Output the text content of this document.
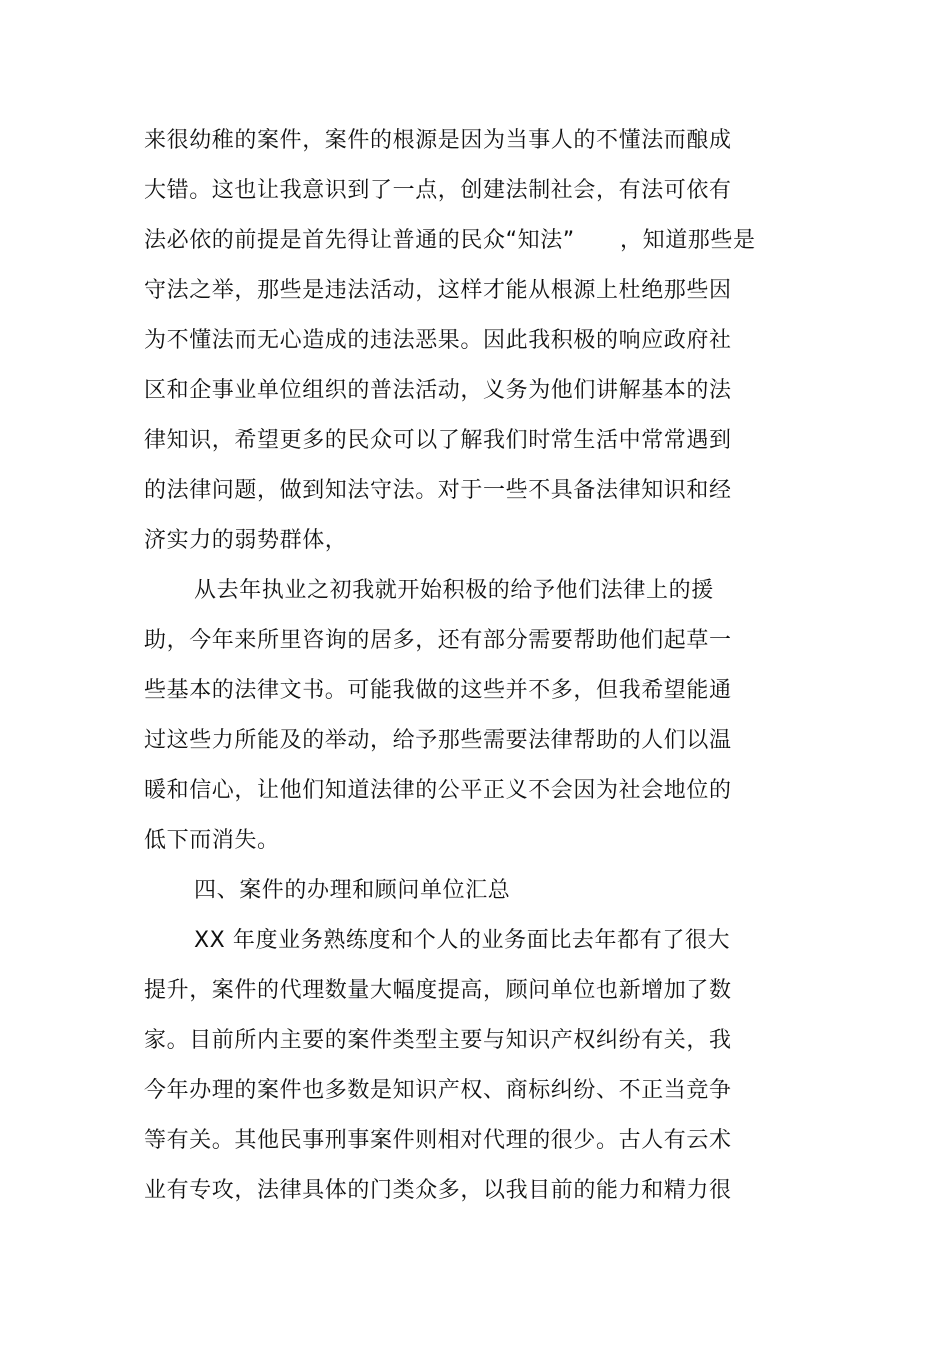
来很幼稚的案件，案件的根源是因为当事人的不懂法而酿成
大错。这也让我意识到了一点，创建法制社会，有法可依有
法必依的前提是首先得让普通的民众“知法”　　，知道那些是
守法之举，那些是违法活动，这样才能从根源上杜绝那些因
为不懂法而无心造成的违法恶果。因此我积极的响应政府社
区和企事业单位组织的普法活动，义务为他们讲解基本的法
律知识，希望更多的民众可以了解我们时常生活中常常遇到
的法律问题，做到知法守法。对于一些不具备法律知识和经
济实力的弱势群体，
从去年执业之初我就开始积极的给予他们法律上的援
助，今年来所里咨询的居多，还有部分需要帮助他们起草一
些基本的法律文书。可能我做的这些并不多，但我希望能通
过这些力所能及的举动，给予那些需要法律帮助的人们以温
暖和信心，让他们知道法律的公平正义不会因为社会地位的
低下而消失。
四、案件的办理和顾问单位汇总
XX 年度业务熟练度和个人的业务面比去年都有了很大
提升，案件的代理数量大幅度提高，顾问单位也新增加了数
家。目前所内主要的案件类型主要与知识产权纠纷有关，我
今年办理的案件也多数是知识产权、商标纠纷、不正当竞争
等有关。其他民事刑事案件则相对代理的很少。古人有云术
业有专攻，法律具体的门类众多，以我目前的能力和精力很
